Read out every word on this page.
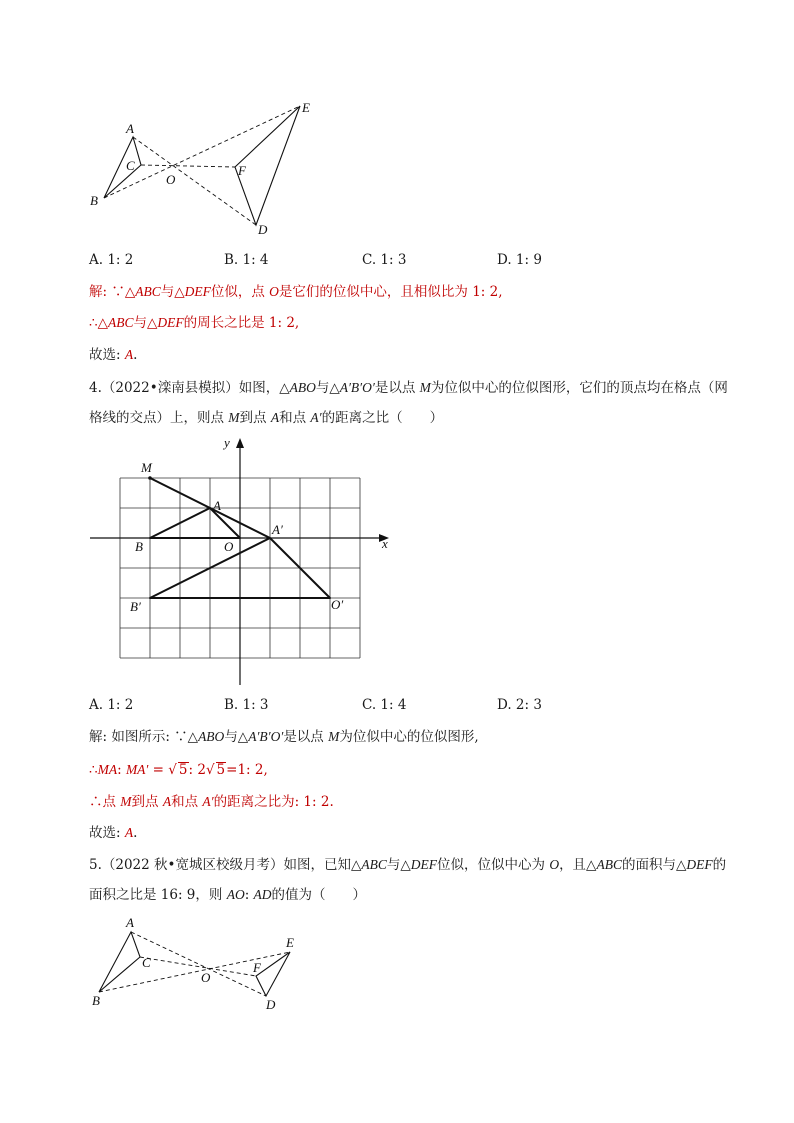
A
B
C
O
E
F
D
A. 1: 2	B. 1: 4	C. 1: 3	D. 1: 9
解: ∵△ABC与△DEF位似，点 O是它们的位似中心，且相似比为 1: 2,
∴△ABC与△DEF的周长之比是 1: 2,
故选: A.
4.（2022•滦南县模拟）如图，△ABO与△A′B′O′是以点 M为位似中心的位似图形，它们的顶点均在格点（网
格线的交点）上，则点 M到点 A和点 A′的距离之比（　　）
y
x
M
A
A′
B	O
B′	O′
A. 1: 2	B. 1: 3	C. 1: 4	D. 2: 3
解: 如图所示: ∵△ABO与△A′B′O′是以点 M为位似中心的位似图形,
∴MA: MA′ = √ 5: 2√ 5=1: 2,
∴点 M到点 A和点 A′的距离之比为: 1: 2.
故选: A.
5.（2022 秋•宽城区校级月考）如图，已知△ABC与△DEF位似，位似中心为 O，且△ABC的面积与△DEF的
面积之比是 16: 9，则 AO: AD的值为（　　）
A
B
C
O
E
F
D
